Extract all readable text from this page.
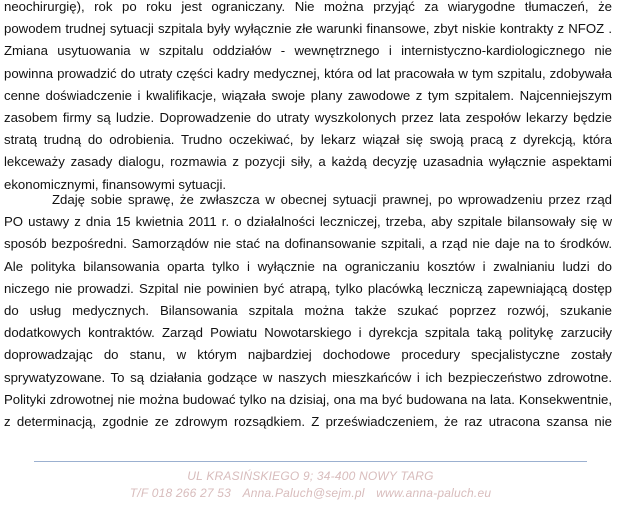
neochirurgię), rok po roku jest ograniczany. Nie można przyjąć za wiarygodne tłumaczeń, że
powodem trudnej sytuacji szpitala były wyłącznie złe warunki finansowe, zbyt niskie kontrakty z NFOZ .
Zmiana usytuowania w szpitalu oddziałów - wewnętrznego i internistyczno-kardiologicznego nie
powinna prowadzić do utraty części kadry medycznej, która od lat pracowała w tym szpitalu, zdobywała
cenne doświadczenie i kwalifikacje, wiązała swoje plany zawodowe z tym szpitalem. Najcenniejszym
zasobem firmy są ludzie. Doprowadzenie do utraty wyszkolonych przez lata zespołów lekarzy będzie
stratą trudną do odrobienia. Trudno oczekiwać, by lekarz wiązał się swoją pracą z dyrekcją, która
lekceważy zasady dialogu, rozmawia z pozycji siły, a każdą decyzję uzasadnia wyłącznie aspektami
ekonomicznymi, finansowymi sytuacji.
Zdaję sobie sprawę, że zwłaszcza w obecnej sytuacji prawnej, po wprowadzeniu przez rząd
PO ustawy z dnia 15 kwietnia 2011 r. o działalności leczniczej, trzeba, aby szpitale bilansowały się w
sposób bezpośredni. Samorządów nie stać na dofinansowanie szpitali, a rząd nie daje na to środków.
Ale polityka bilansowania oparta tylko i wyłącznie na ograniczaniu kosztów i zwalnianiu ludzi do
niczego nie prowadzi. Szpital nie powinien być atrapą, tylko placówką leczniczą zapewniającą dostęp
do usług medycznych. Bilansowania szpitala można także szukać poprzez rozwój, szukanie
dodatkowych kontraktów. Zarząd Powiatu Nowotarskiego i dyrekcja szpitala taką politykę zarzuciły
doprowadzając do stanu, w którym najbardziej dochodowe procedury specjalistyczne zostały
sprywatyzowane. To są działania godzące w naszych mieszkańców i ich bezpieczeństwo zdrowotne.
Polityki zdrowotnej nie można budować tylko na dzisiaj, ona ma być budowana na lata. Konsekwentnie,
z determinacją, zgodnie ze zdrowym rozsądkiem. Z przeświadczeniem, że raz utracona szansa nie
UL KRASIŃSKIEGO 9; 34-400 NOWY TARG
T/F 018 266 27 53 Anna.Paluch@sejm.pl www.anna-paluch.eu
